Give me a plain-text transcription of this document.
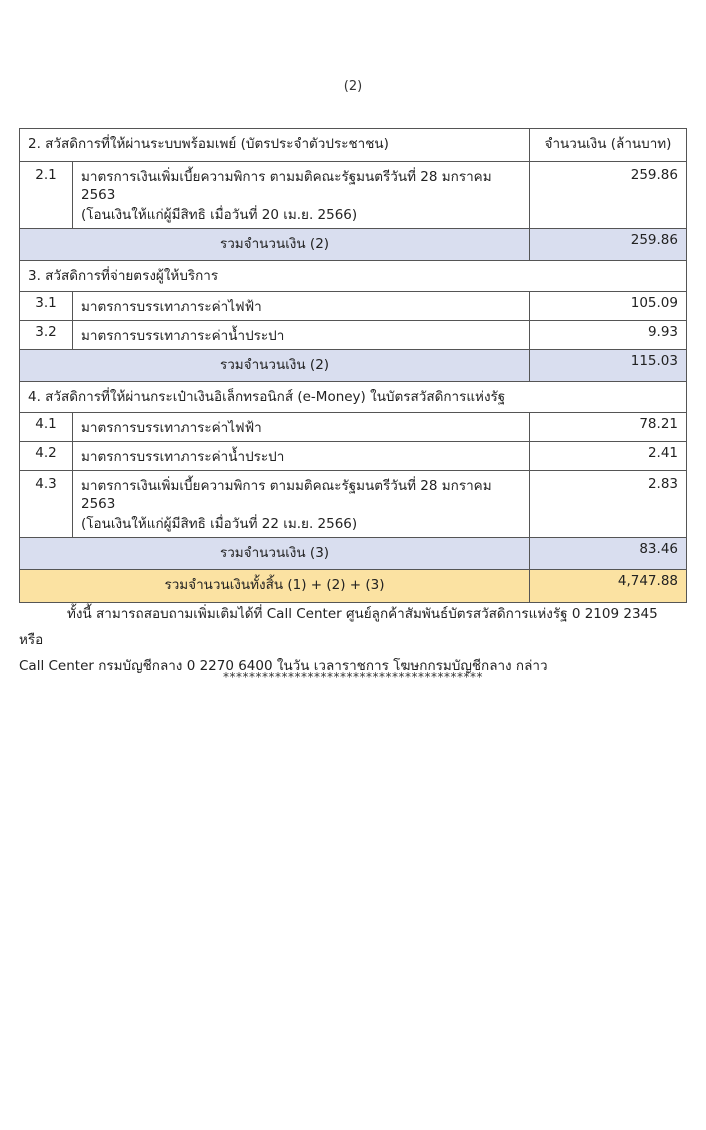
(2)
2. สวัสดิการที่ให้ผ่านระบบพร้อมเพย์ (บัตรประจำตัวประชาชน)		จำนวนเงิน (ล้านบาท)
2.1	มาตรการเงินเพิ่มเบี้ยความพิการ ตามมติคณะรัฐมนตรีวันที่ 28 มกราคม 2563
(โอนเงินให้แก่ผู้มีสิทธิ เมื่อวันที่ 20 เม.ย. 2566)	259.86
รวมจำนวนเงิน (2)		259.86
3. สวัสดิการที่จ่ายตรงผู้ให้บริการ		
3.1	มาตรการบรรเทาภาระค่าไฟฟ้า	105.09
3.2	มาตรการบรรเทาภาระค่าน้ำประปา	9.93
รวมจำนวนเงิน (2)		115.03
4. สวัสดิการที่ให้ผ่านกระเป๋าเงินอิเล็กทรอนิกส์ (e-Money) ในบัตรสวัสดิการแห่งรัฐ		
4.1	มาตรการบรรเทาภาระค่าไฟฟ้า	78.21
4.2	มาตรการบรรเทาภาระค่าน้ำประปา	2.41
4.3	มาตรการเงินเพิ่มเบี้ยความพิการ ตามมติคณะรัฐมนตรีวันที่ 28 มกราคม 2563
(โอนเงินให้แก่ผู้มีสิทธิ เมื่อวันที่ 22 เม.ย. 2566)	2.83
รวมจำนวนเงิน (3)		83.46
รวมจำนวนเงินทั้งสิ้น (1) + (2) + (3)		4,747.88
ทั้งนี้ สามารถสอบถามเพิ่มเติมได้ที่ Call Center ศูนย์ลูกค้าสัมพันธ์บัตรสวัสดิการแห่งรัฐ 0 2109 2345 หรือ
Call Center กรมบัญชีกลาง 0 2270 6400 ในวัน เวลาราชการ โฆษกกรมบัญชีกลาง กล่าว
****************************************
